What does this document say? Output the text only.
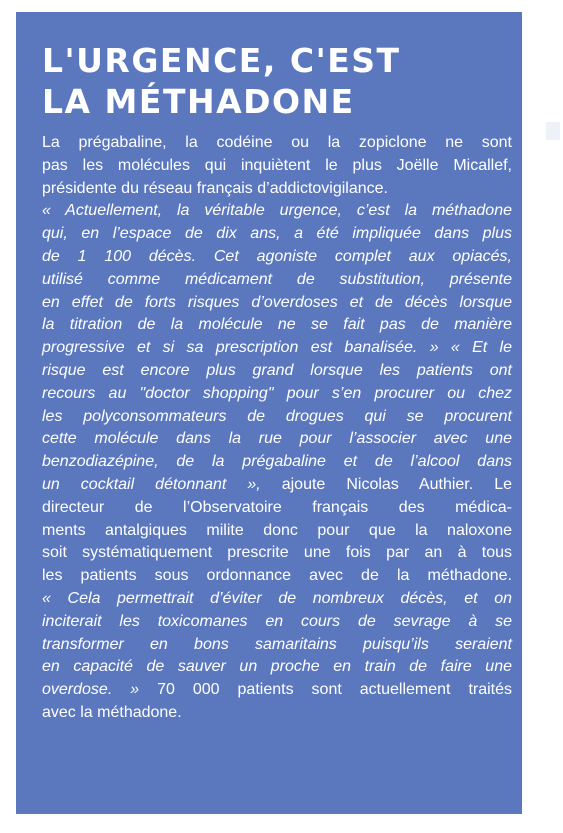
L'URGENCE, C'EST
LA MÉTHADONE
La prégabaline, la codéine ou la zopiclone ne sont
pas les molécules qui inquiètent le plus Joëlle Micallef,
présidente du réseau français d’addictovigilance.
« Actuellement, la véritable urgence, c’est la méthadone
qui, en l’espace de dix ans, a été impliquée dans plus
de 1 100 décès. Cet agoniste complet aux opiacés,
utilisé comme médicament de substitution, présente
en effet de forts risques d’overdoses et de décès lorsque
la titration de la molécule ne se fait pas de manière
progressive et si sa prescription est banalisée. » « Et le
risque est encore plus grand lorsque les patients ont
recours au "doctor shopping" pour s’en procurer ou chez
les polyconsommateurs de drogues qui se procurent
cette molécule dans la rue pour l’associer avec une
benzodiazépine, de la prégabaline et de l’alcool dans
un cocktail détonnant », ajoute Nicolas Authier. Le
directeur de l’Observatoire français des médica-
ments antalgiques milite donc pour que la naloxone
soit systématiquement prescrite une fois par an à tous
les patients sous ordonnance avec de la méthadone.
« Cela permettrait d’éviter de nombreux décès, et on
inciterait les toxicomanes en cours de sevrage à se
transformer en bons samaritains puisqu’ils seraient
en capacité de sauver un proche en train de faire une
overdose. » 70 000 patients sont actuellement traités
avec la méthadone.
